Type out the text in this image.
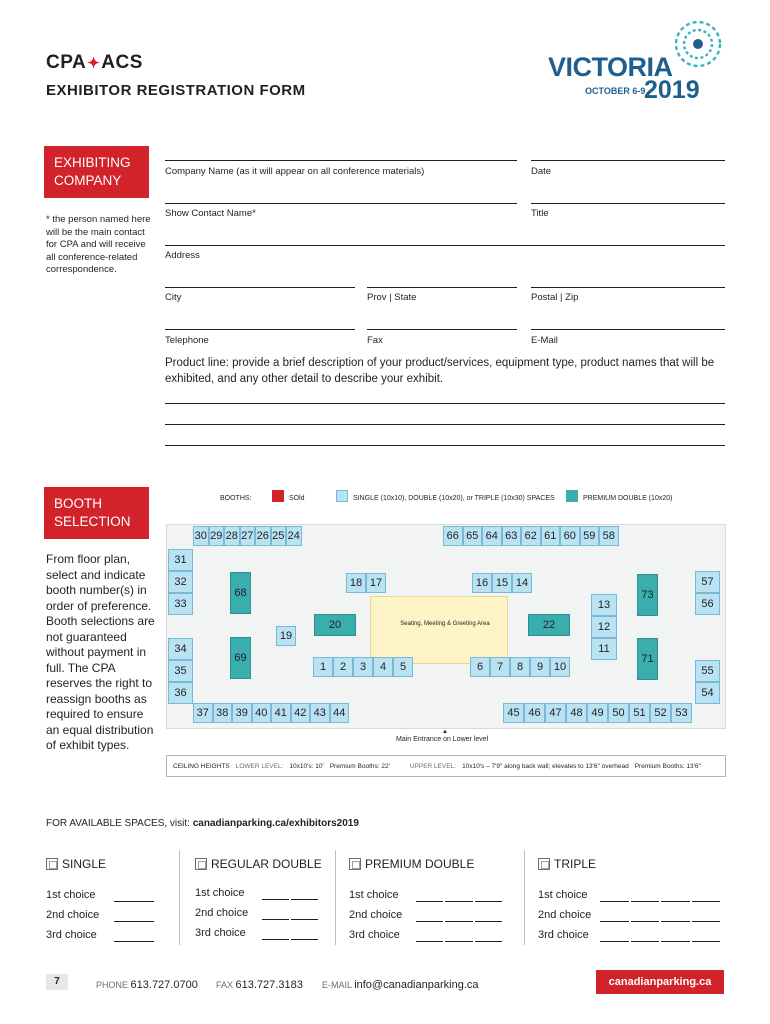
CPA✦ACS
EXHIBITOR REGISTRATION FORM
VICTORIA
OCTOBER 6-9
2019
EXHIBITING
COMPANY
* the person named here will be the main contact for CPA and will receive all conference-related correspondence.
Company Name (as it will appear on all conference materials)	Date
Show Contact Name*	Title
Address
City	Prov | State	Postal | Zip
Telephone	Fax	E-Mail
Product line: provide a brief description of your product/services, equipment type, product names that will be exhibited, and any other detail to describe your exhibit.
BOOTH
SELECTION
From floor plan, select and indicate booth number(s) in order of preference. Booth selections are not guaranteed without payment in full. The CPA reserves the right to reassign booths as required to ensure an equal distribution of exhibit types.
BOOTHS:	SOld	SINGLE (10x10), DOUBLE (10x20), or TRIPLE (10x30) SPACES	PREMIUM DOUBLE (10x20)
Seating, Meeting & Greeting Area
30 29 28 27 26 25 24	66 65 64 63 62 61 60 59 58
37 38 39 40 41 42 43 44	45 46 47 48 49 50 51 52 53
31
32
33
34
35
36
57
56
55
54
18 17	16 15 14
1	2	3	4	5	6	7	8	9 10
13
12
11
19
68
69
20	22
73
71
Main Entrance on Lower level
▲
CEILING HEIGHTS LOWER LEVEL: 10x10's: 10' Premium Booths: 22'	UPPER LEVEL: 10x10's – 7'9" along back wall; elevates to 13'6" overhead Premium Booths: 13'6"
FOR AVAILABLE SPACES, visit: canadianparking.ca/exhibitors2019
SINGLE
1st choice
2nd choice
3rd choice
REGULAR DOUBLE
1st choice
2nd choice
3rd choice
PREMIUM DOUBLE
1st choice
2nd choice
3rd choice
TRIPLE
1st choice
2nd choice
3rd choice
7	PHONE 613.727.0700 FAX 613.727.3183 E-MAIL info@canadianparking.ca	canadianparking.ca
